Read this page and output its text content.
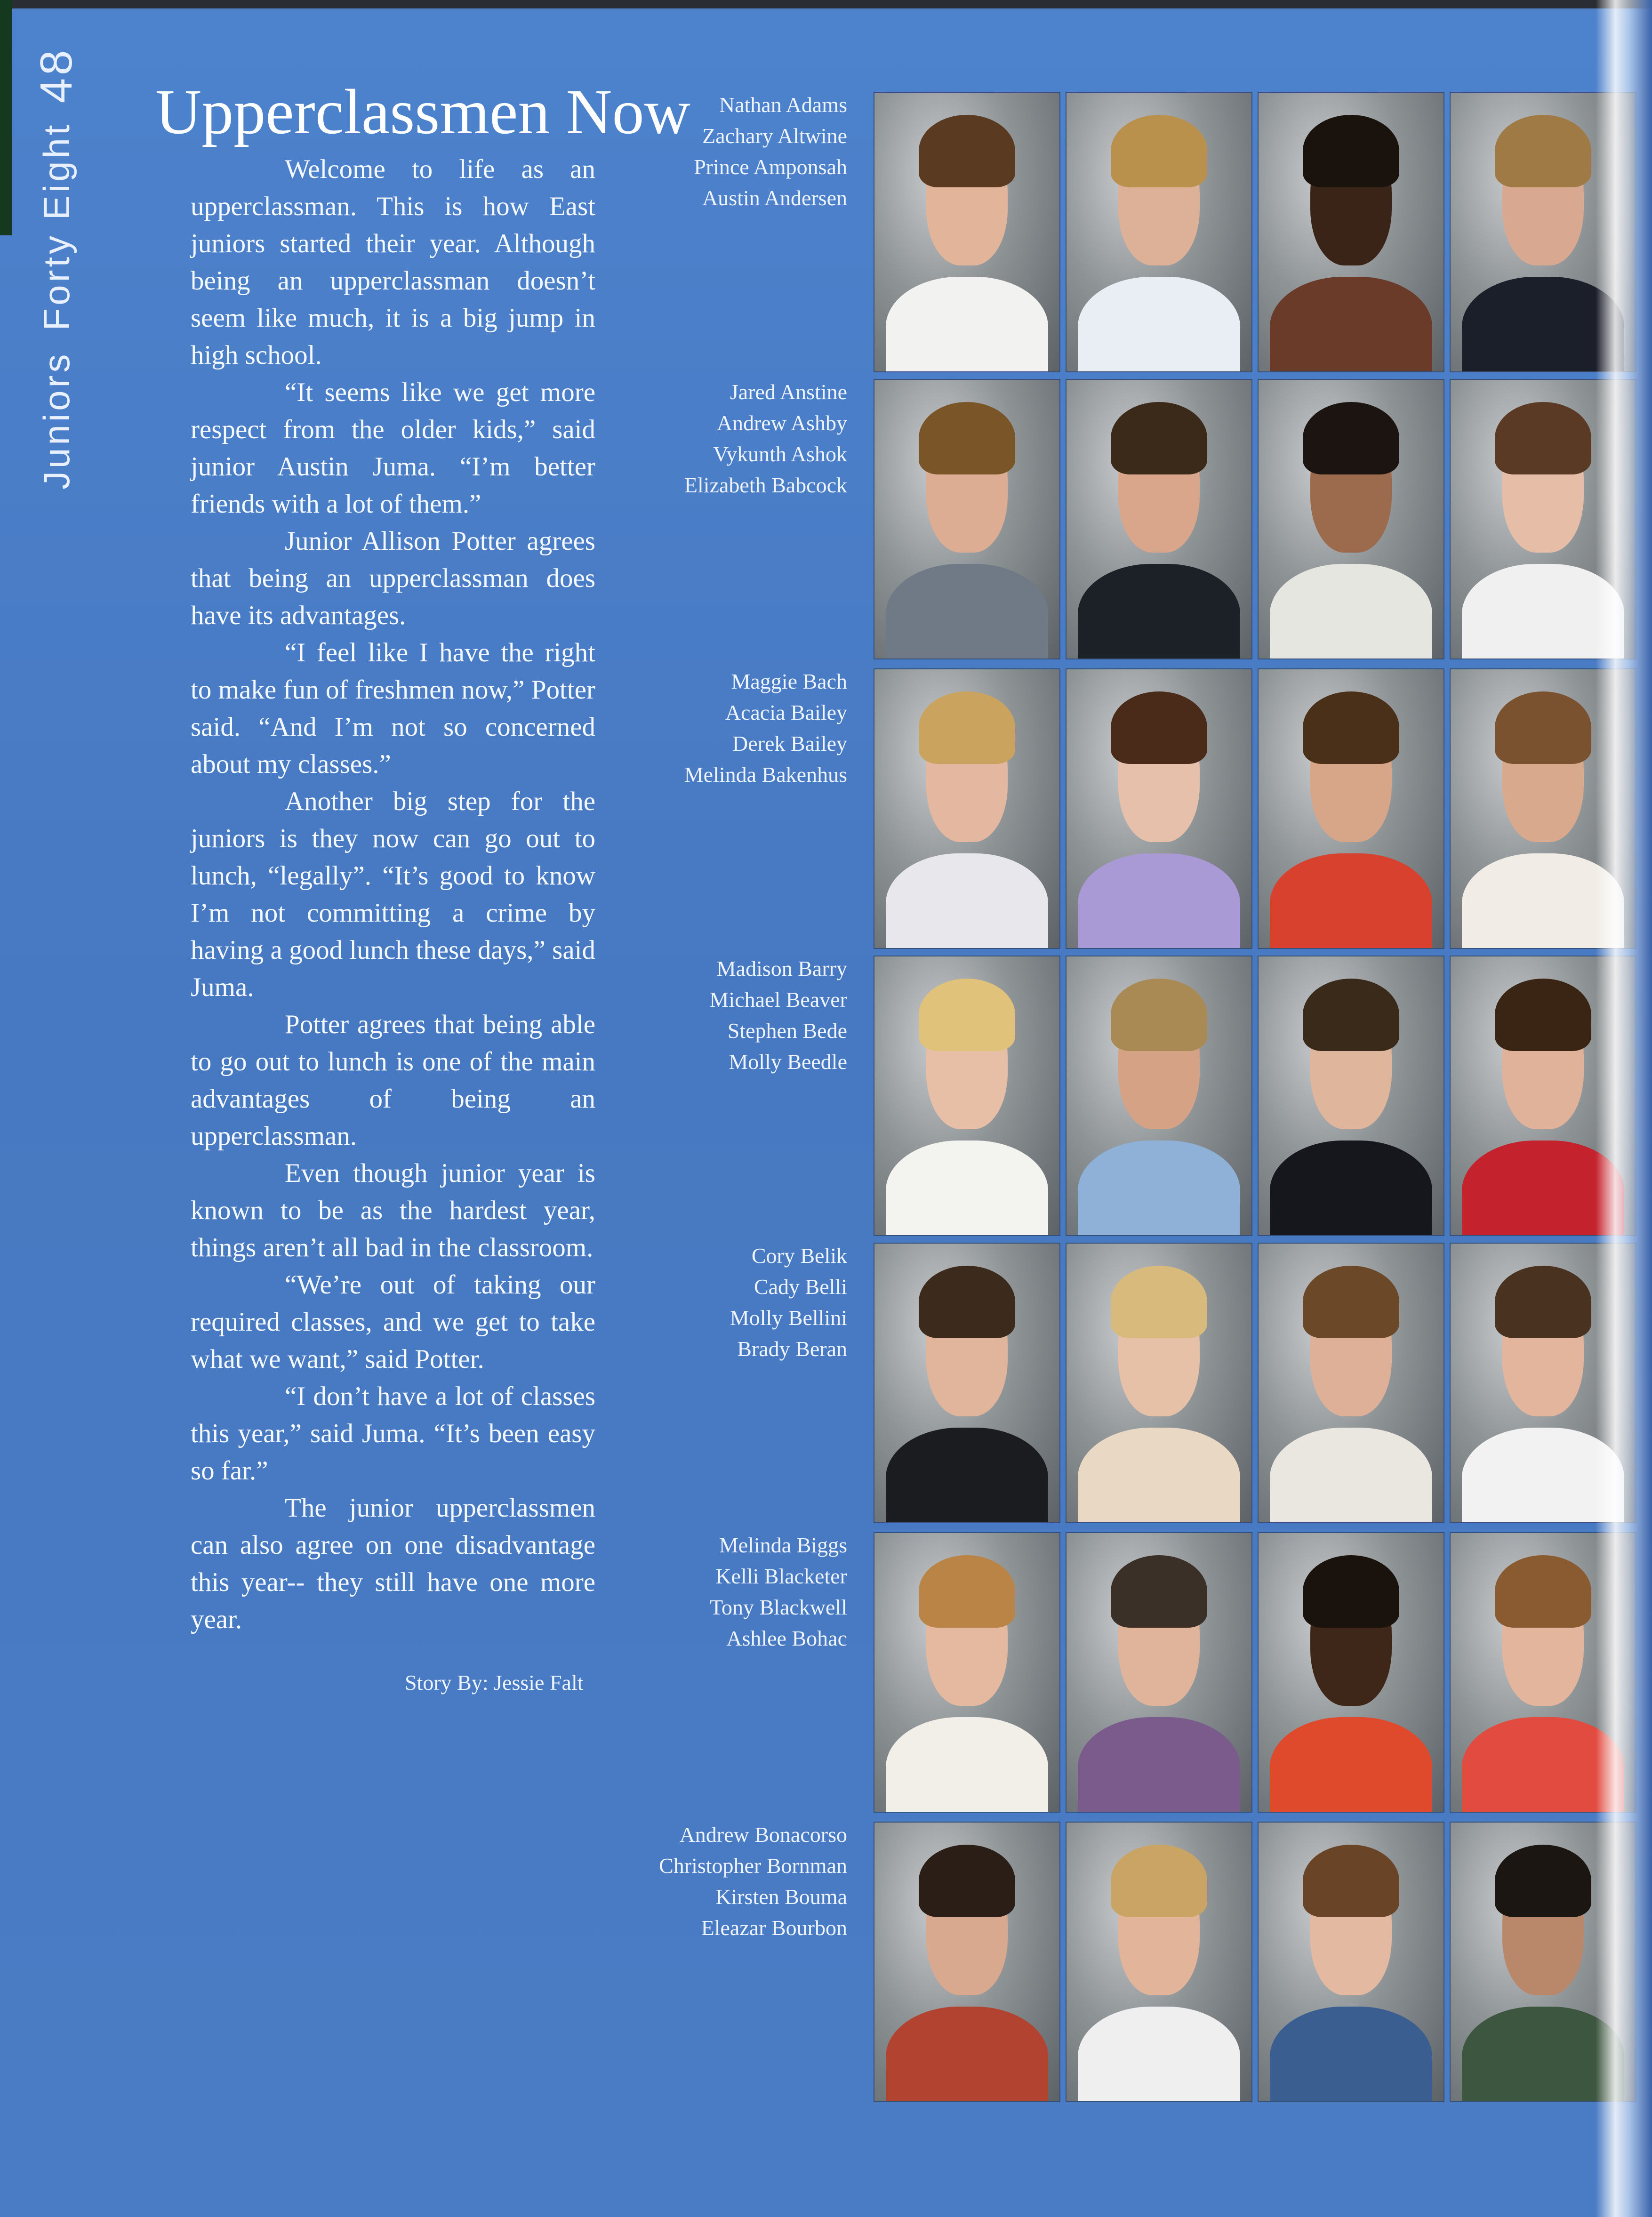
Juniors
Forty Eight
48
Upperclassmen Now

Welcome to life as an upperclassman. This is how East juniors started their year. Although being an upperclassman doesn’t seem like much, it is a big jump in high school.

“It seems like we get more respect from the older kids,” said junior Austin Juma. “I’m better friends with a lot of them.”

Junior Allison Potter agrees that being an upperclassman does have its advantages.

“I feel like I have the right to make fun of freshmen now,” Potter said. “And I’m not so concerned about my classes.”

Another big step for the juniors is they now can go out to lunch, “legally”. “It’s good to know I’m not committing a crime by having a good lunch these days,” said Juma.

Potter agrees that being able to go out to lunch is one of the main advantages of being an upperclassman.

Even though junior year is known to be as the hardest year, things aren’t all bad in the classroom.

“We’re out of taking our required classes, and we get to take what we want,” said Potter.

“I don’t have a lot of classes this year,” said Juma. “It’s been easy so far.”

The junior upperclassmen can also agree on one disadvantage this year-- they still have one more year.

Story By: Jessie Falt
Nathan Adams
Zachary Altwine
Prince Amponsah
Austin Andersen
Jared Anstine
Andrew Ashby
Vykunth Ashok
Elizabeth Babcock
Maggie Bach
Acacia Bailey
Derek Bailey
Melinda Bakenhus
Madison Barry
Michael Beaver
Stephen Bede
Molly Beedle
Cory Belik
Cady Belli
Molly Bellini
Brady Beran
Melinda Biggs
Kelli Blacketer
Tony Blackwell
Ashlee Bohac
Andrew Bonacorso
Christopher Bornman
Kirsten Bouma
Eleazar Bourbon
